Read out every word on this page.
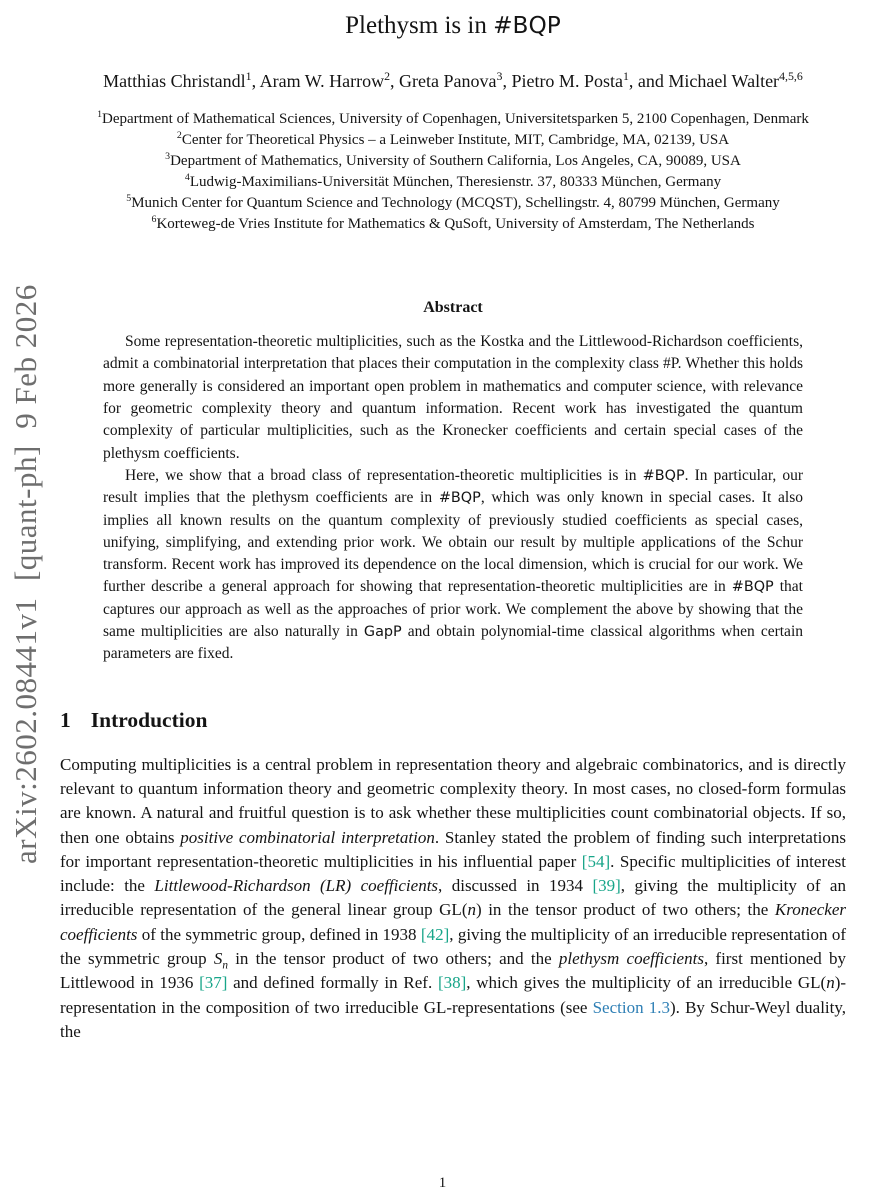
arXiv:2602.08441v1  [quant-ph]  9 Feb 2026
Plethysm is in #BQP
Matthias Christandl$^1$, Aram W. Harrow$^2$, Greta Panova$^3$, Pietro M. Posta$^1$, and Michael Walter$^{4,5,6}$
$^1$Department of Mathematical Sciences, University of Copenhagen, Universitetsparken 5, 2100 Copenhagen, Denmark
$^2$Center for Theoretical Physics – a Leinweber Institute, MIT, Cambridge, MA, 02139, USA
$^3$Department of Mathematics, University of Southern California, Los Angeles, CA, 90089, USA
$^4$Ludwig-Maximilians-Universität München, Theresienstr. 37, 80333 München, Germany
$^5$Munich Center for Quantum Science and Technology (MCQST), Schellingstr. 4, 80799 München, Germany
$^6$Korteweg-de Vries Institute for Mathematics & QuSoft, University of Amsterdam, The Netherlands
Abstract

Some representation-theoretic multiplicities, such as the Kostka and the Littlewood-Richardson coefficients, admit a combinatorial interpretation that places their computation in the complexity class #P. Whether this holds more generally is considered an important open problem in mathematics and computer science, with relevance for geometric complexity theory and quantum information. Recent work has investigated the quantum complexity of particular multiplicities, such as the Kronecker coefficients and certain special cases of the plethysm coefficients.

Here, we show that a broad class of representation-theoretic multiplicities is in #BQP. In particular, our result implies that the plethysm coefficients are in #BQP, which was only known in special cases. It also implies all known results on the quantum complexity of previously studied coefficients as special cases, unifying, simplifying, and extending prior work. We obtain our result by multiple applications of the Schur transform. Recent work has improved its dependence on the local dimension, which is crucial for our work. We further describe a general approach for showing that representation-theoretic multiplicities are in #BQP that captures our approach as well as the approaches of prior work. We complement the above by showing that the same multiplicities are also naturally in GapP and obtain polynomial-time classical algorithms when certain parameters are fixed.

1 Introduction
Computing multiplicities is a central problem in representation theory and algebraic combinatorics, and is directly relevant to quantum information theory and geometric complexity theory. In most cases, no closed-form formulas are known. A natural and fruitful question is to ask whether these multiplicities count combinatorial objects. If so, then one obtains positive combinatorial interpretation. Stanley stated the problem of finding such interpretations for important representation-theoretic multiplicities in his influential paper [54]. Specific multiplicities of interest include: the Littlewood-Richardson (LR) coefficients, discussed in 1934 [39], giving the multiplicity of an irreducible representation of the general linear group GL(n) in the tensor product of two others; the Kronecker coefficients of the symmetric group, defined in 1938 [42], giving the multiplicity of an irreducible representation of the symmetric group $S_n$ in the tensor product of two others; and the plethysm coefficients, first mentioned by Littlewood in 1936 [37] and defined formally in Ref. [38], which gives the multiplicity of an irreducible GL(n)-representation in the composition of two irreducible GL-representations (see Section 1.3). By Schur-Weyl duality, the
1
